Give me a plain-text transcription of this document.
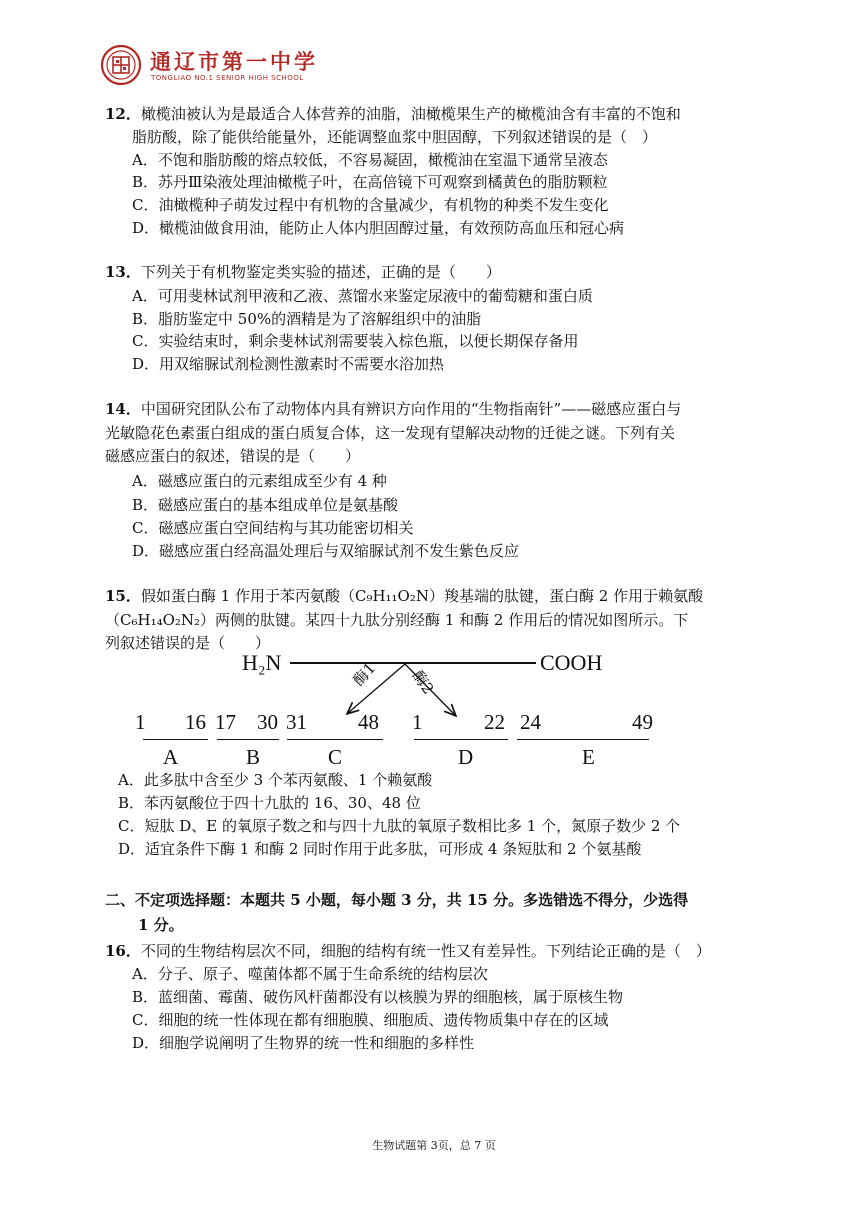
通辽市第一中学
TONGLIAO NO.1 SENIOR HIGH SCHOOL
12．橄榄油被认为是最适合人体营养的油脂，油橄榄果生产的橄榄油含有丰富的不饱和
脂肪酸，除了能供给能量外，还能调整血浆中胆固醇，下列叙述错误的是（　）
A．不饱和脂肪酸的熔点较低，不容易凝固，橄榄油在室温下通常呈液态
B．苏丹Ⅲ染液处理油橄榄子叶，在高倍镜下可观察到橘黄色的脂肪颗粒
C．油橄榄种子萌发过程中有机物的含量减少，有机物的种类不发生变化
D．橄榄油做食用油，能防止人体内胆固醇过量，有效预防高血压和冠心病
13．下列关于有机物鉴定类实验的描述，正确的是（　　）
A．可用斐林试剂甲液和乙液、蒸馏水来鉴定尿液中的葡萄糖和蛋白质
B．脂肪鉴定中 50%的酒精是为了溶解组织中的油脂
C．实验结束时，剩余斐林试剂需要装入棕色瓶，以便长期保存备用
D．用双缩脲试剂检测性激素时不需要水浴加热
14．中国研究团队公布了动物体内具有辨识方向作用的“生物指南针”——磁感应蛋白与
光敏隐花色素蛋白组成的蛋白质复合体，这一发现有望解决动物的迁徙之谜。下列有关
磁感应蛋白的叙述，错误的是（　　）
A．磁感应蛋白的元素组成至少有 4 种
B．磁感应蛋白的基本组成单位是氨基酸
C．磁感应蛋白空间结构与其功能密切相关
D．磁感应蛋白经高温处理后与双缩脲试剂不发生紫色反应
15．假如蛋白酶 1 作用于苯丙氨酸（C₉H₁₁O₂N）羧基端的肽键，蛋白酶 2 作用于赖氨酸
（C₆H₁₄O₂N₂）两侧的肽键。某四十九肽分别经酶 1 和酶 2 作用后的情况如图所示。下
列叙述错误的是（　　）
H₂N	COOH
酶1 酶2
1 16
A
17 30
B
31 48
C
1	22
D
24	49
E
A．此多肽中含至少 3 个苯丙氨酸、1 个赖氨酸
B．苯丙氨酸位于四十九肽的 16、30、48 位
C．短肽 D、E 的氧原子数之和与四十九肽的氧原子数相比多 1 个，氮原子数少 2 个
D．适宜条件下酶 1 和酶 2 同时作用于此多肽，可形成 4 条短肽和 2 个氨基酸
二、不定项选择题：本题共 5 小题，每小题 3 分，共 15 分。多选错选不得分，少选得
1 分。
16．不同的生物结构层次不同，细胞的结构有统一性又有差异性。下列结论正确的是（　）
A．分子、原子、噬菌体都不属于生命系统的结构层次
B．蓝细菌、霉菌、破伤风杆菌都没有以核膜为界的细胞核，属于原核生物
C．细胞的统一性体现在都有细胞膜、细胞质、遗传物质集中存在的区域
D．细胞学说阐明了生物界的统一性和细胞的多样性
生物试题第 3页，总 7 页
